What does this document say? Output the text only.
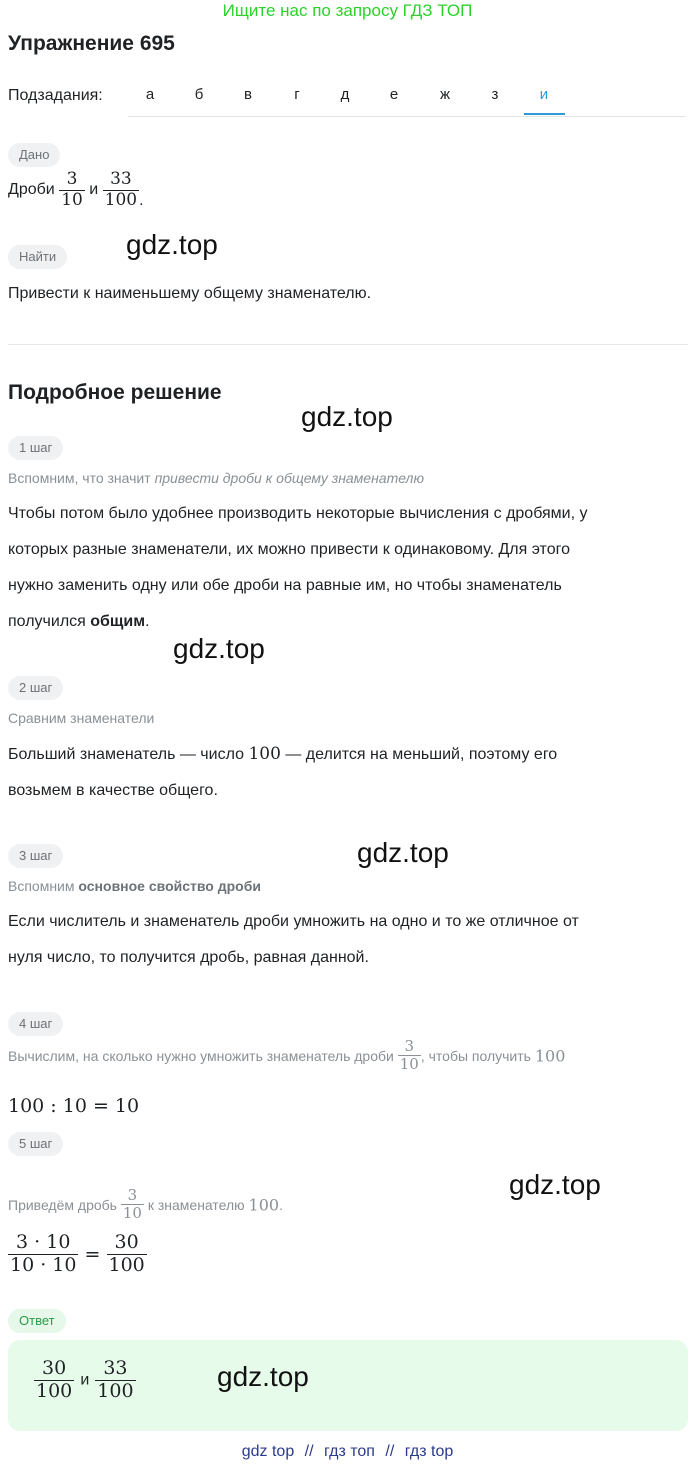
Ищите нас по запросу ГДЗ ТОП
Упражнение 695
Подзадания:	а	б	в	г	д	е	ж	з	и
Дано
Дроби $\frac{3}{10}$ и $\frac{33}{100}$ .
Найти
Привести к наименьшему общему знаменателю.
Подробное решение
1 шаг
Вспомним, что значит привести дроби к общему знаменателю
Чтобы потом было удобнее производить некоторые вычисления с дробями, у
которых разные знаменатели, их можно привести к одинаковому. Для этого
нужно заменить одну или обе дроби на равные им, но чтобы знаменатель
получился общим.
2 шаг
Сравним знаменатели
Больший знаменатель — число 100 — делится на меньший, поэтому его
возьмем в качестве общего.
3 шаг
Вспомним основное свойство дроби
Если числитель и знаменатель дроби умножить на одно и то же отличное от
нуля число, то получится дробь, равная данной.
4 шаг
Вычислим, на сколько нужно умножить знаменатель дроби $\frac{3}{10}$ , чтобы получить 100
100 : 10 = 10
5 шаг
Приведём дробь $\frac{3}{10}$ к знаменателю 100.
$\frac{3 \cdot 10}{10 \cdot 10} = \frac{30}{100}$
Ответ
$\frac{30}{100}$ и $\frac{33}{100}$
gdz.top
gdz.top
gdz.top
gdz.top
gdz.top
gdz.top
gdz top // гдз топ // гдз top
